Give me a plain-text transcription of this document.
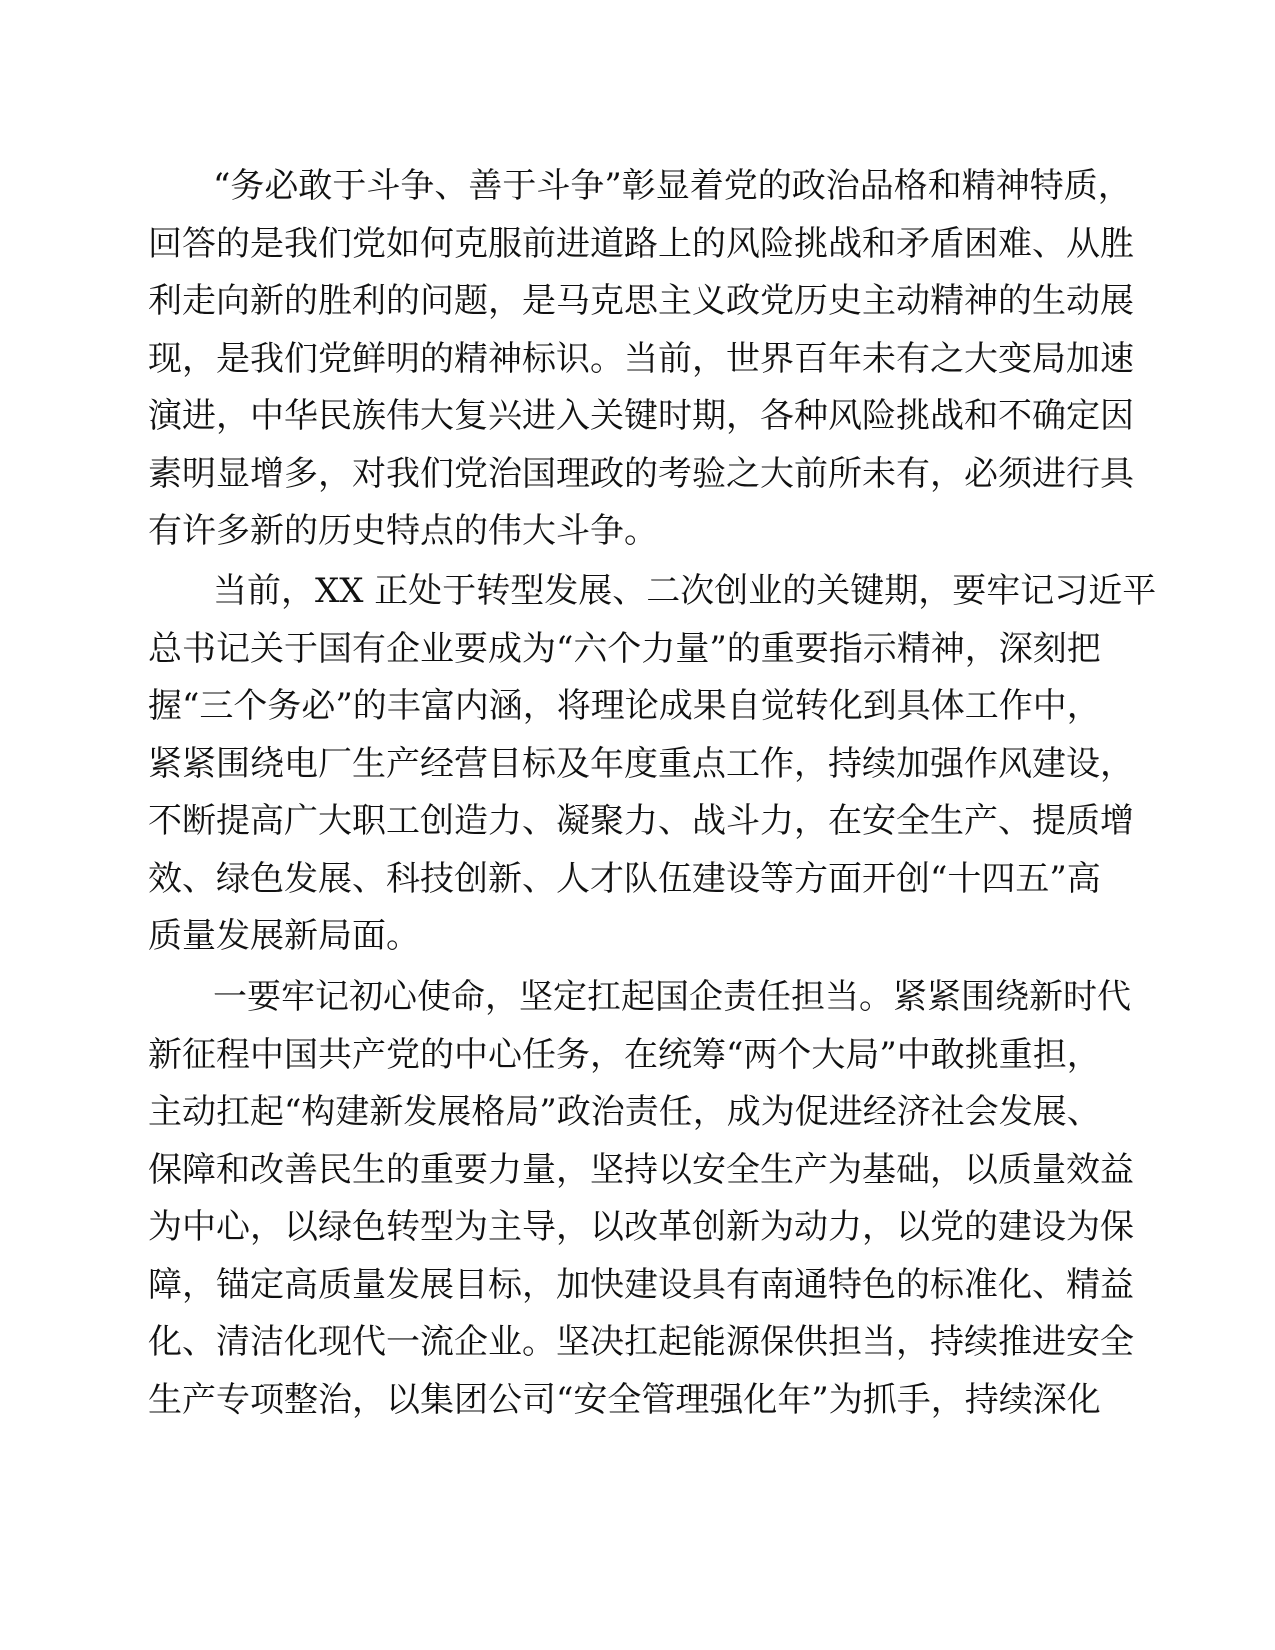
“务必敢于斗争、善于斗争”彰显着党的政治品格和精神特质，
回答的是我们党如何克服前进道路上的风险挑战和矛盾困难、从胜
利走向新的胜利的问题，是马克思主义政党历史主动精神的生动展
现，是我们党鲜明的精神标识。当前，世界百年未有之大变局加速
演进，中华民族伟大复兴进入关键时期，各种风险挑战和不确定因
素明显增多，对我们党治国理政的考验之大前所未有，必须进行具
有许多新的历史特点的伟大斗争。
当前，XX 正处于转型发展、二次创业的关键期，要牢记习近平
总书记关于国有企业要成为“六个力量”的重要指示精神，深刻把
握“三个务必”的丰富内涵，将理论成果自觉转化到具体工作中，
紧紧围绕电厂生产经营目标及年度重点工作，持续加强作风建设，
不断提高广大职工创造力、凝聚力、战斗力，在安全生产、提质增
效、绿色发展、科技创新、人才队伍建设等方面开创“十四五”高
质量发展新局面。
一要牢记初心使命，坚定扛起国企责任担当。紧紧围绕新时代
新征程中国共产党的中心任务，在统筹“两个大局”中敢挑重担，
主动扛起“构建新发展格局”政治责任，成为促进经济社会发展、
保障和改善民生的重要力量，坚持以安全生产为基础，以质量效益
为中心，以绿色转型为主导，以改革创新为动力，以党的建设为保
障，锚定高质量发展目标，加快建设具有南通特色的标准化、精益
化、清洁化现代一流企业。坚决扛起能源保供担当，持续推进安全
生产专项整治，以集团公司“安全管理强化年”为抓手，持续深化
